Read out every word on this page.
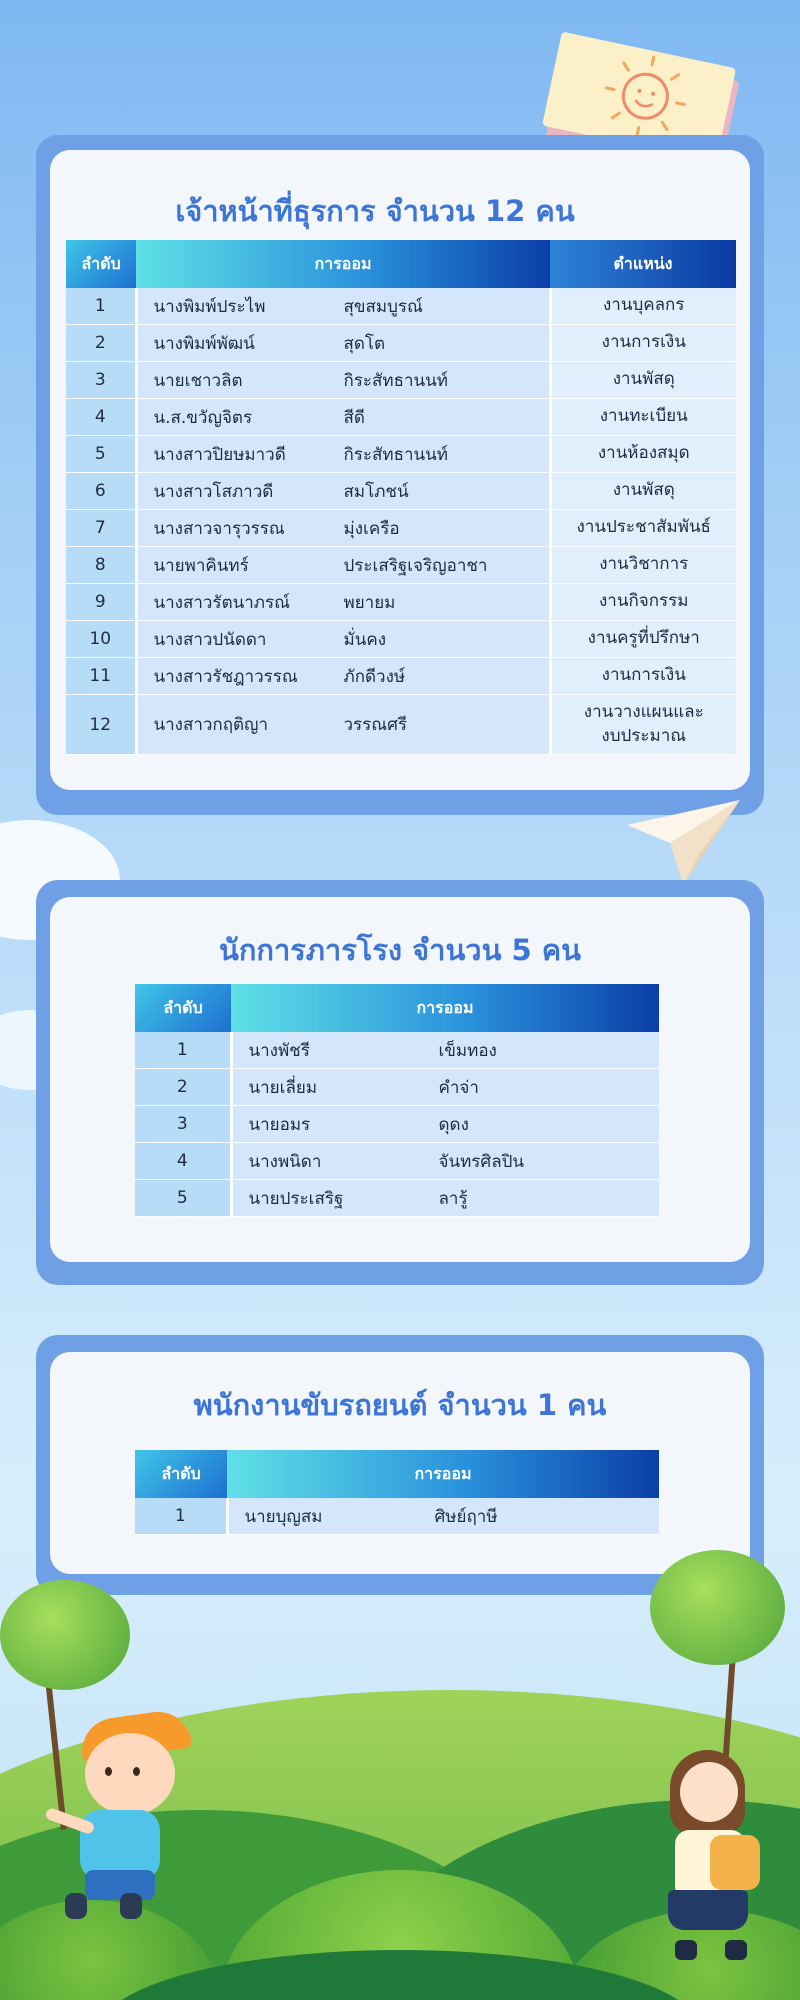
เจ้าหน้าที่ธุรการ จำนวน 12 คน
ลำดับ	การออม	ตำแหน่ง
1	นางพิมพ์ประไพ สุขสมบูรณ์	งานบุคลกร
2	นางพิมพ์พัฒน์ สุดโต	งานการเงิน
3	นายเชาวลิต กิระสัทธานนท์	งานพัสดุ
4	น.ส.ขวัญจิตร สีดี	งานทะเบียน
5	นางสาวปิยษมาวดี กิระสัทธานนท์	งานห้องสมุด
6	นางสาวโสภาวดี สมโภชน์	งานพัสดุ
7	นางสาวจารุวรรณ มุ่งเครือ	งานประชาสัมพันธ์
8	นายพาคินทร์ ประเสริฐเจริญอาชา	งานวิชาการ
9	นางสาวรัตนาภรณ์ พยายม	งานกิจกรรม
10	นางสาวปนัดดา มั่นคง	งานครูที่ปรึกษา
11	นางสาวรัชฎาวรรณ ภักดีวงษ์	งานการเงิน
12	นางสาวกฤติญา วรรณศรี	งานวางแผนและ
งบประมาณ
นักการภารโรง จำนวน 5 คน
ลำดับ	การออม
1	นางพัชรี เข็มทอง
2	นายเลี่ยม คำจ่า
3	นายอมร ดุดง
4	นางพนิดา จันทรศิลปิน
5	นายประเสริฐ ลารู้
พนักงานขับรถยนต์ จำนวน 1 คน
ลำดับ	การออม
1	นายบุญสม ศิษย์ฤาษี
